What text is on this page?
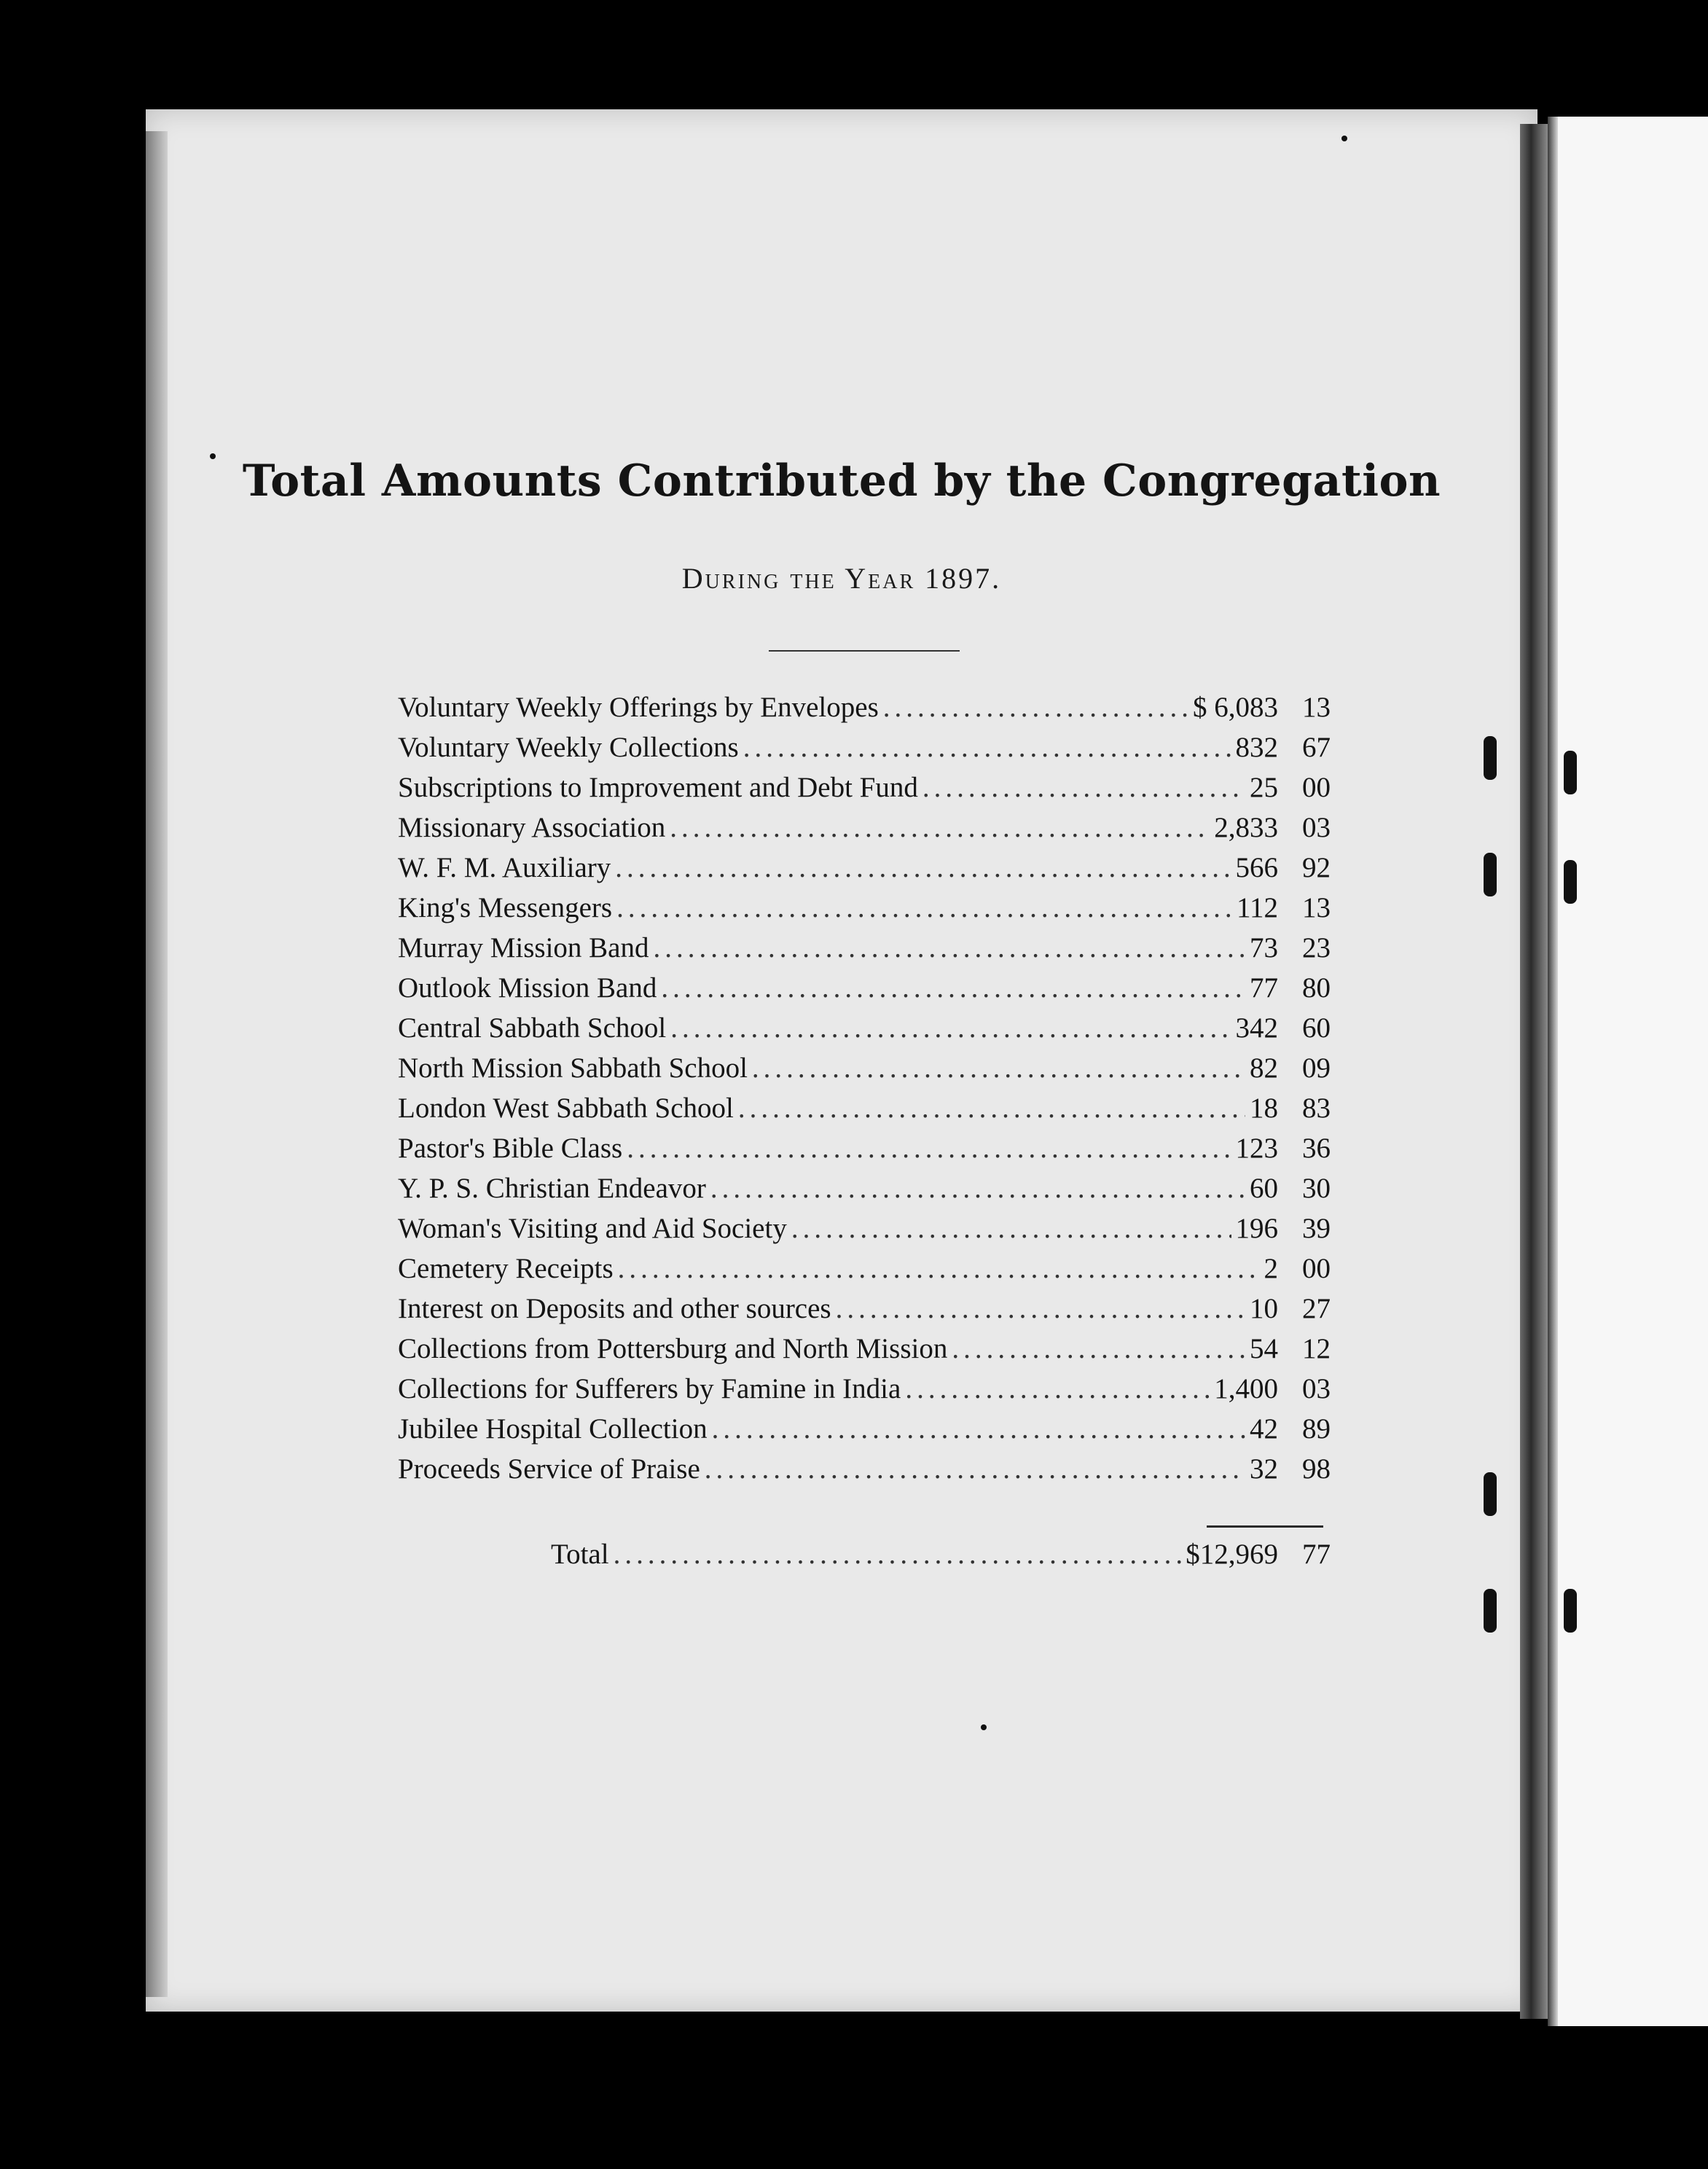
Total Amounts Contributed by the Congregation
During the Year 1897.
Voluntary Weekly Offerings by Envelopes .....	$ 6,083 13
Voluntary Weekly Collections .....	832 67
Subscriptions to Improvement and Debt Fund .....	25 00
Missionary Association .....	2,833 03
W. F. M. Auxiliary .....	566 92
King's Messengers .....	112 13
Murray Mission Band .....	73 23
Outlook Mission Band .....	77 80
Central Sabbath School .....	342 60
North Mission Sabbath School .....	82 09
London West Sabbath School .....	18 83
Pastor's Bible Class .....	123 36
Y. P. S. Christian Endeavor .....	60 30
Woman's Visiting and Aid Society .....	196 39
Cemetery Receipts .....	2 00
Interest on Deposits and other sources .....	10 27
Collections from Pottersburg and North Mission .....	54 12
Collections for Sufferers by Famine in India .....	1,400 03
Jubilee Hospital Collection .....	42 89
Proceeds Service of Praise .....	32 98
Total .....	$12,969 77
